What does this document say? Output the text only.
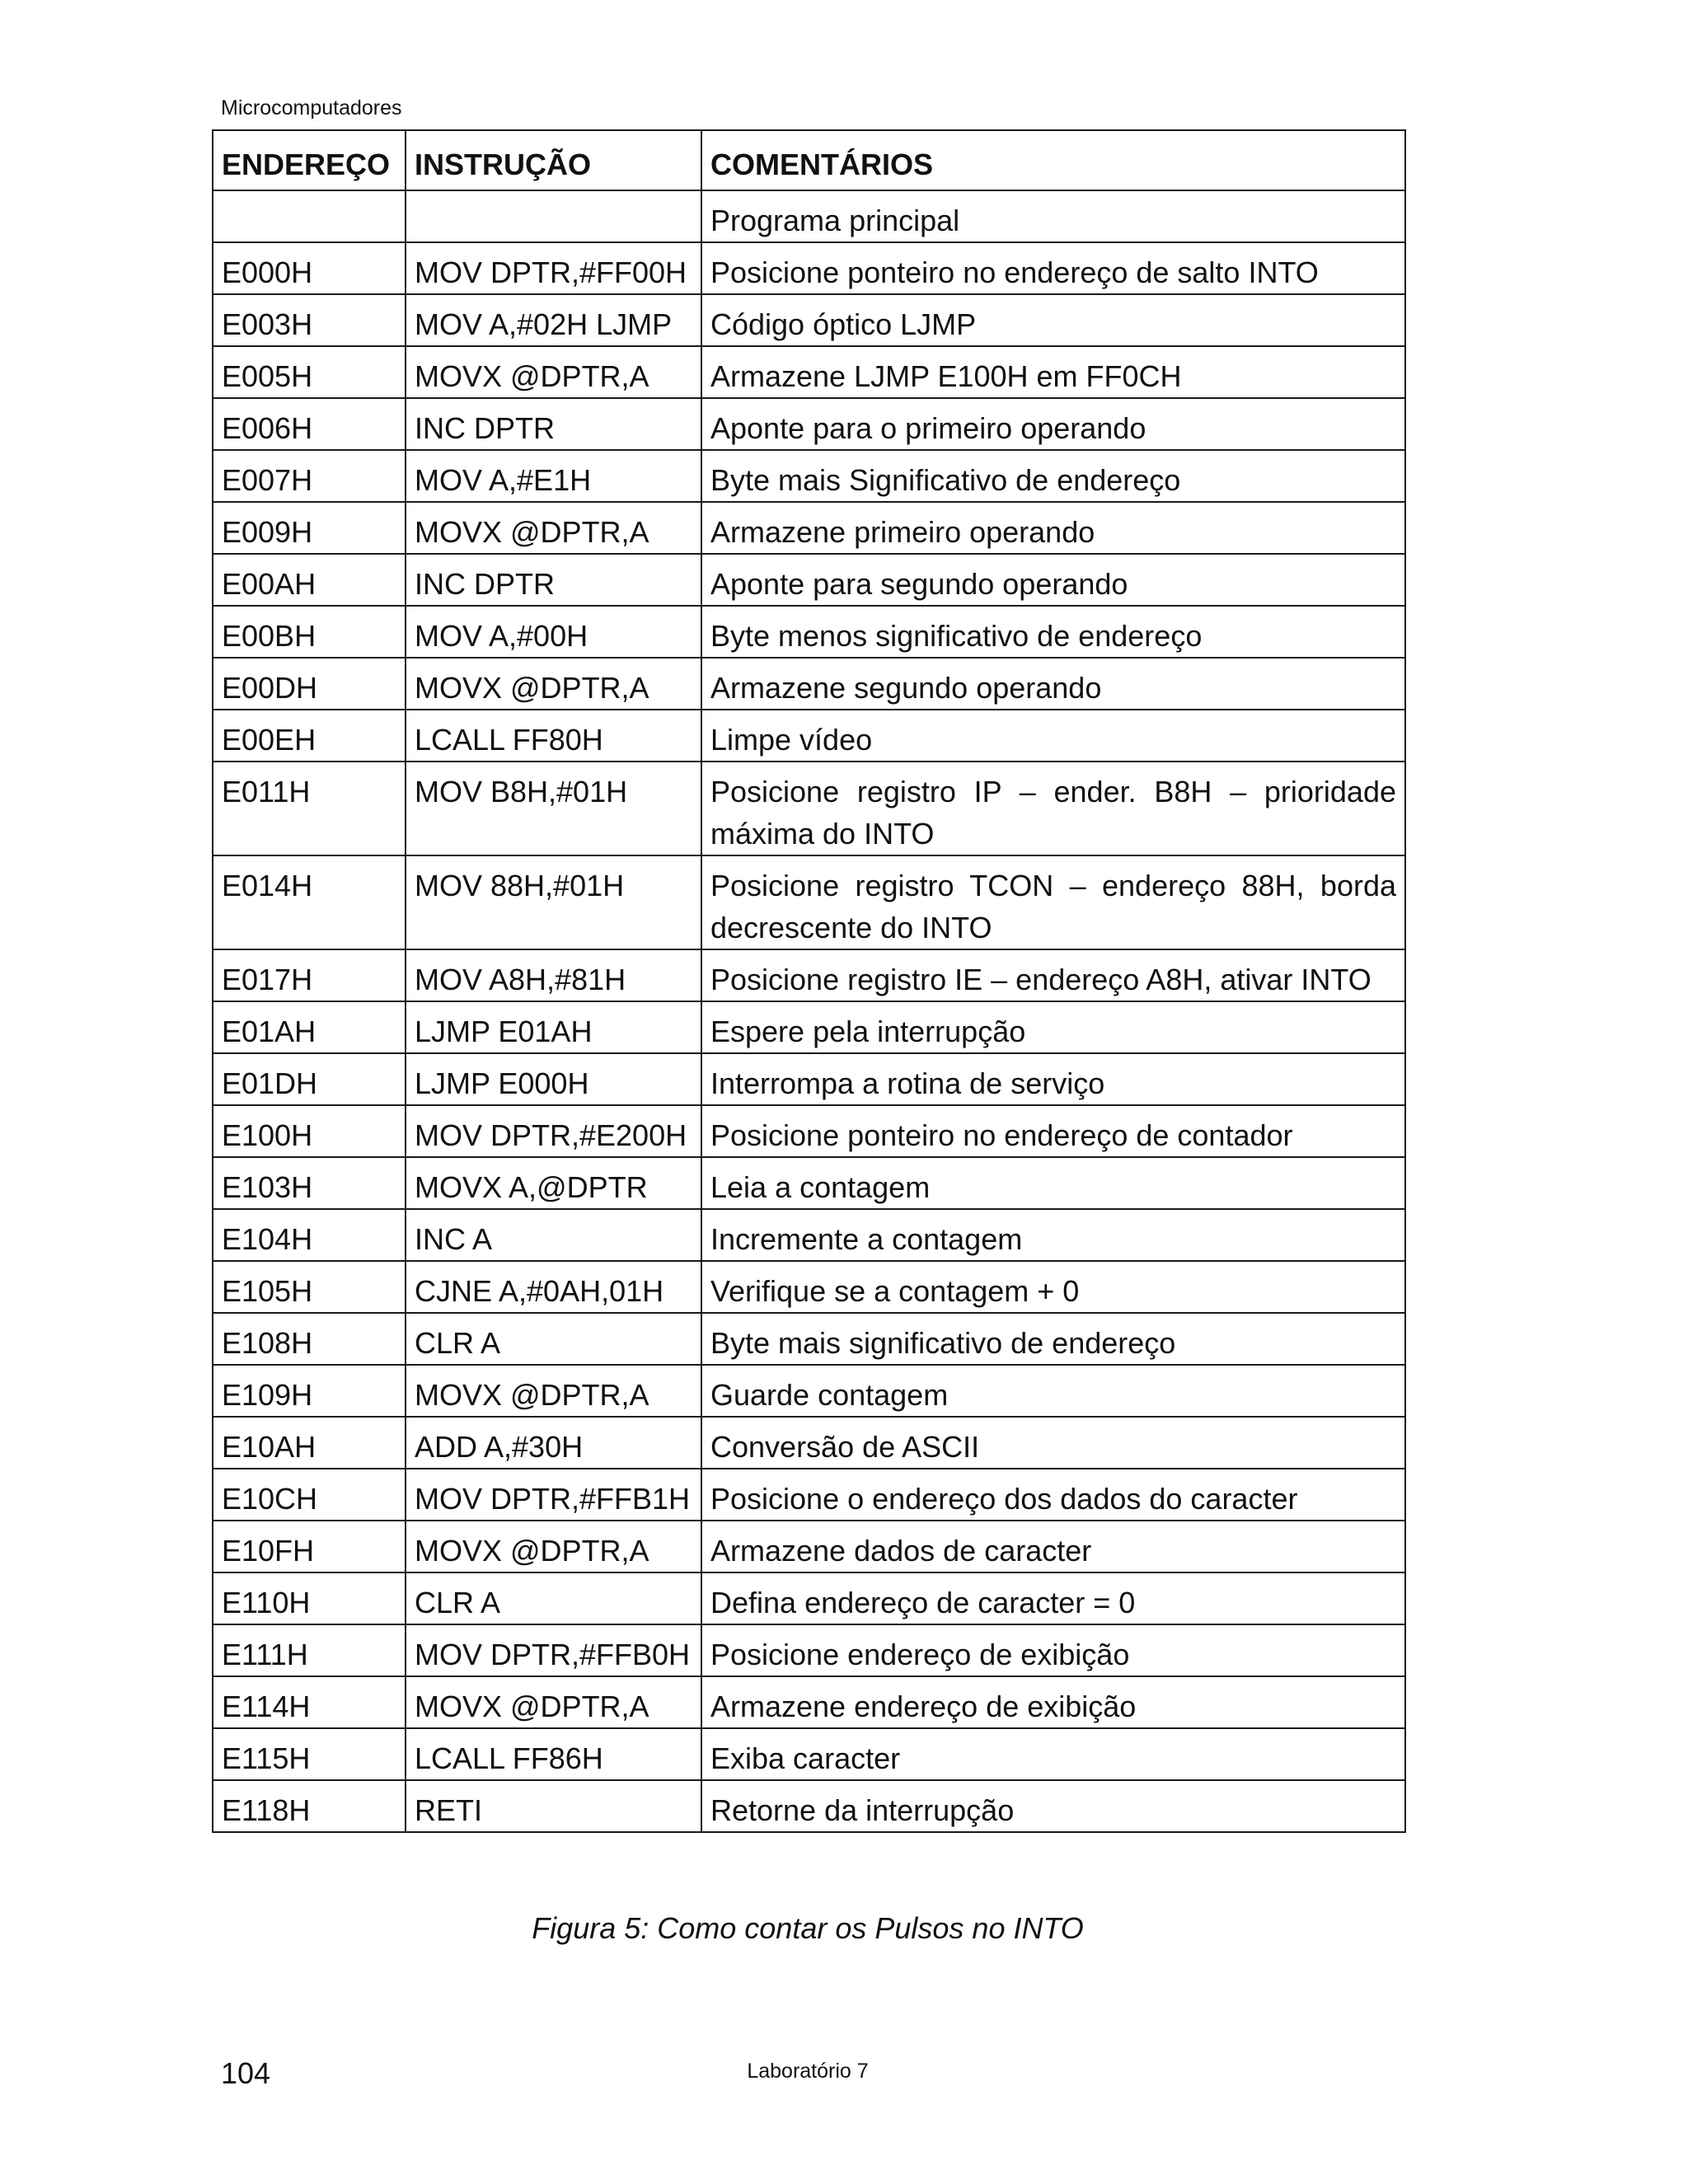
Microcomputadores
ENDEREÇO	INSTRUÇÃO	COMENTÁRIOS
		Programa principal
E000H	MOV DPTR,#FF00H	Posicione ponteiro no endereço de salto INTO
E003H	MOV A,#02H LJMP	Código óptico LJMP
E005H	MOVX @DPTR,A	Armazene LJMP E100H em FF0CH
E006H	INC DPTR	Aponte para o primeiro operando
E007H	MOV A,#E1H	Byte mais Significativo de endereço
E009H	MOVX @DPTR,A	Armazene primeiro operando
E00AH	INC DPTR	Aponte para segundo operando
E00BH	MOV A,#00H	Byte menos significativo de endereço
E00DH	MOVX @DPTR,A	Armazene segundo operando
E00EH	LCALL FF80H	Limpe vídeo
E011H	MOV B8H,#01H	Posicione registro IP – ender. B8H – prioridade máxima do INTO
E014H	MOV 88H,#01H	Posicione registro TCON – endereço 88H, borda decrescente do INTO
E017H	MOV A8H,#81H	Posicione registro IE – endereço A8H, ativar INTO
E01AH	LJMP E01AH	Espere pela interrupção
E01DH	LJMP E000H	Interrompa a rotina de serviço
E100H	MOV DPTR,#E200H	Posicione ponteiro no endereço de contador
E103H	MOVX A,@DPTR	Leia a contagem
E104H	INC A	Incremente a contagem
E105H	CJNE A,#0AH,01H	Verifique se a contagem + 0
E108H	CLR A	Byte mais significativo de endereço
E109H	MOVX @DPTR,A	Guarde contagem
E10AH	ADD A,#30H	Conversão de ASCII
E10CH	MOV DPTR,#FFB1H	Posicione o endereço dos dados do caracter
E10FH	MOVX @DPTR,A	Armazene dados de caracter
E110H	CLR A	Defina endereço de caracter = 0
E111H	MOV DPTR,#FFB0H	Posicione endereço de exibição
E114H	MOVX @DPTR,A	Armazene endereço de exibição
E115H	LCALL FF86H	Exiba caracter
E118H	RETI	Retorne da interrupção
Figura 5: Como contar os Pulsos no INTO
104	Laboratório 7
